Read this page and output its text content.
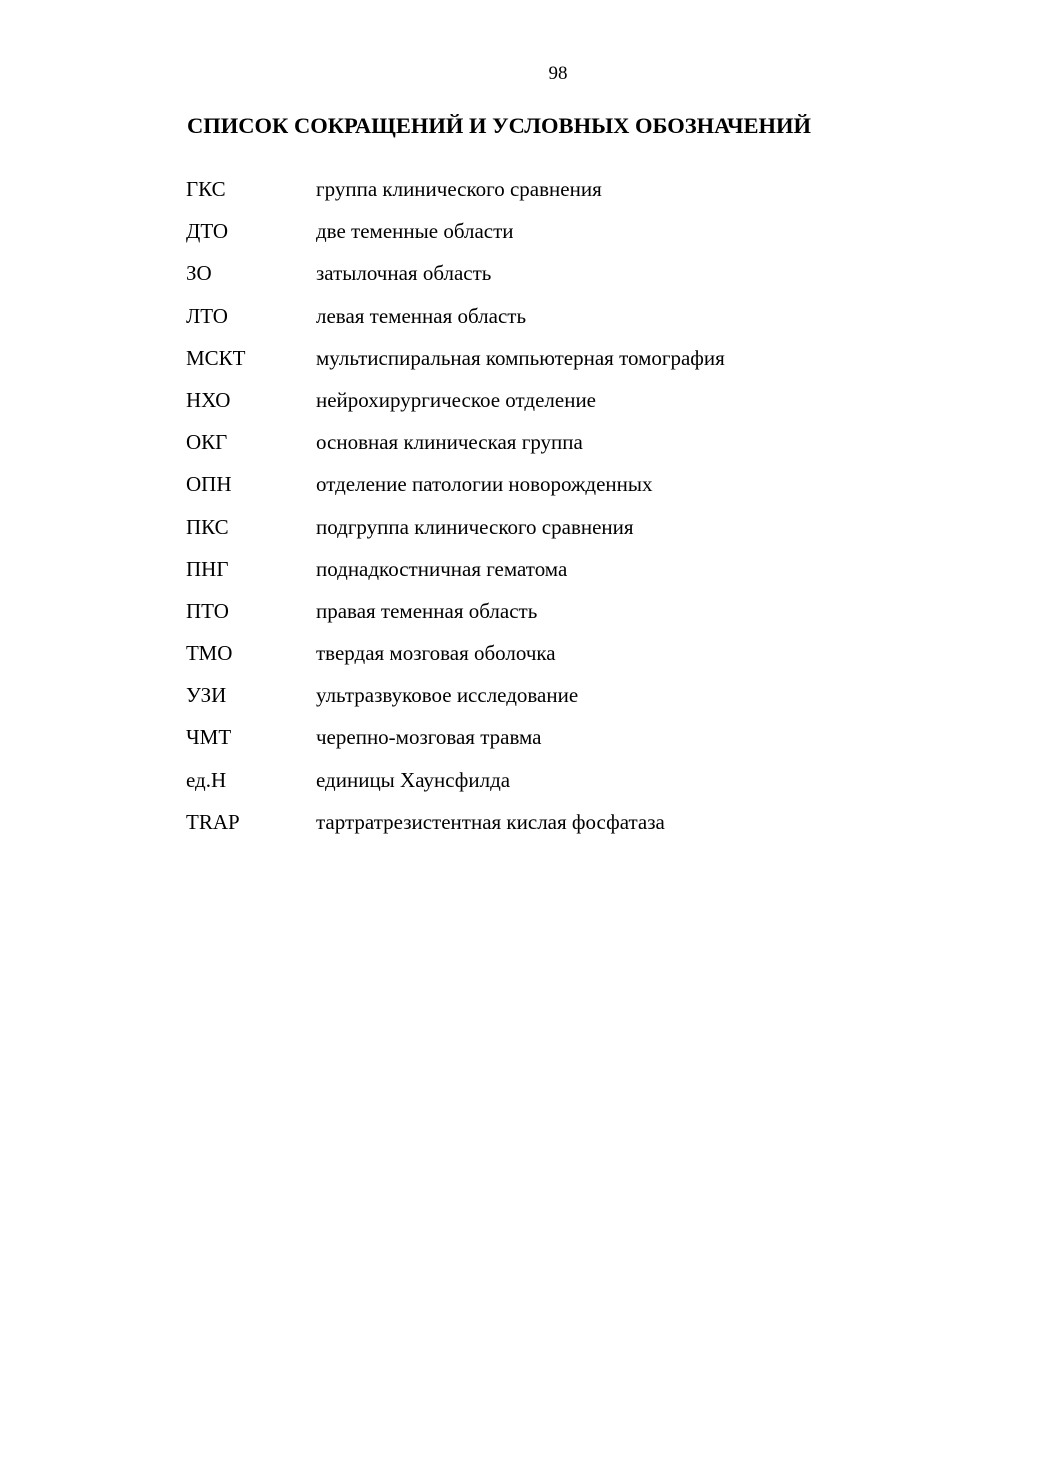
98
СПИСОК СОКРАЩЕНИЙ И УСЛОВНЫХ ОБОЗНАЧЕНИЙ
ГКС	группа клинического сравнения
ДТО	две теменные области
ЗО	затылочная область
ЛТО	левая теменная область
МСКТ	мультиспиральная компьютерная томография
НХО	нейрохирургическое отделение
ОКГ	основная клиническая группа
ОПН	отделение патологии новорожденных
ПКС	подгруппа клинического сравнения
ПНГ	поднадкостничная гематома
ПТО	правая теменная область
ТМО	твердая мозговая оболочка
УЗИ	ультразвуковое исследование
ЧМТ	черепно-мозговая травма
ед.Н	единицы Хаунсфилда
TRAP	тартратрезистентная кислая фосфатаза
